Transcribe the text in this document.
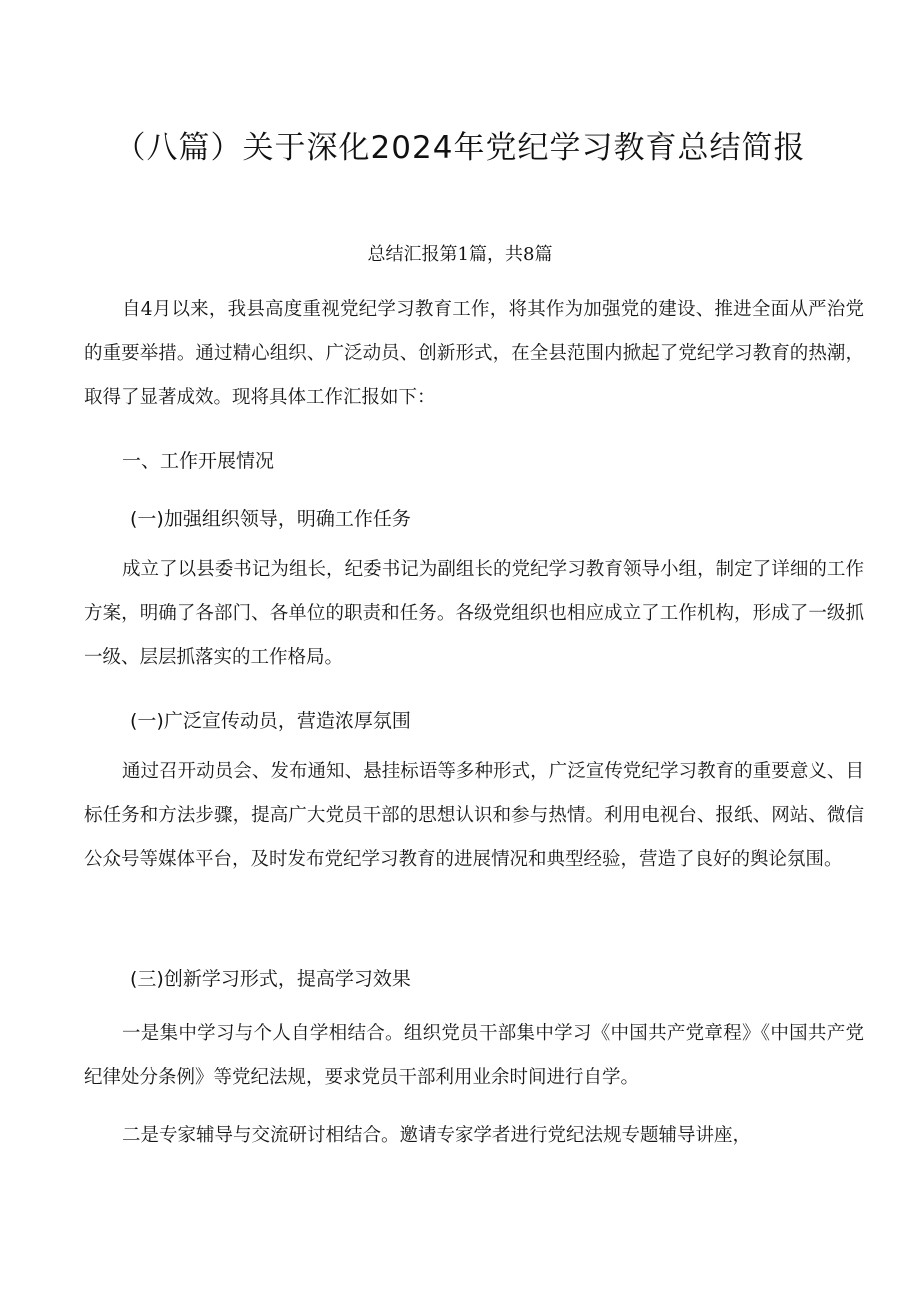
（八篇）关于深化2024年党纪学习教育总结简报
总结汇报第1篇，共8篇

自4月以来，我县高度重视党纪学习教育工作，将其作为加强党的建设、推进全面从严治党的重要举措。通过精心组织、广泛动员、创新形式，在全县范围内掀起了党纪学习教育的热潮，取得了显著成效。现将具体工作汇报如下：

一、工作开展情况

(一)加强组织领导，明确工作任务

成立了以县委书记为组长，纪委书记为副组长的党纪学习教育领导小组，制定了详细的工作方案，明确了各部门、各单位的职责和任务。各级党组织也相应成立了工作机构，形成了一级抓一级、层层抓落实的工作格局。

(一)广泛宣传动员，营造浓厚氛围

通过召开动员会、发布通知、悬挂标语等多种形式，广泛宣传党纪学习教育的重要意义、目标任务和方法步骤，提高广大党员干部的思想认识和参与热情。利用电视台、报纸、网站、微信公众号等媒体平台，及时发布党纪学习教育的进展情况和典型经验，营造了良好的舆论氛围。

(三)创新学习形式，提高学习效果

一是集中学习与个人自学相结合。组织党员干部集中学习《中国共产党章程》《中国共产党纪律处分条例》等党纪法规，要求党员干部利用业余时间进行自学。

二是专家辅导与交流研讨相结合。邀请专家学者进行党纪法规专题辅导讲座，
